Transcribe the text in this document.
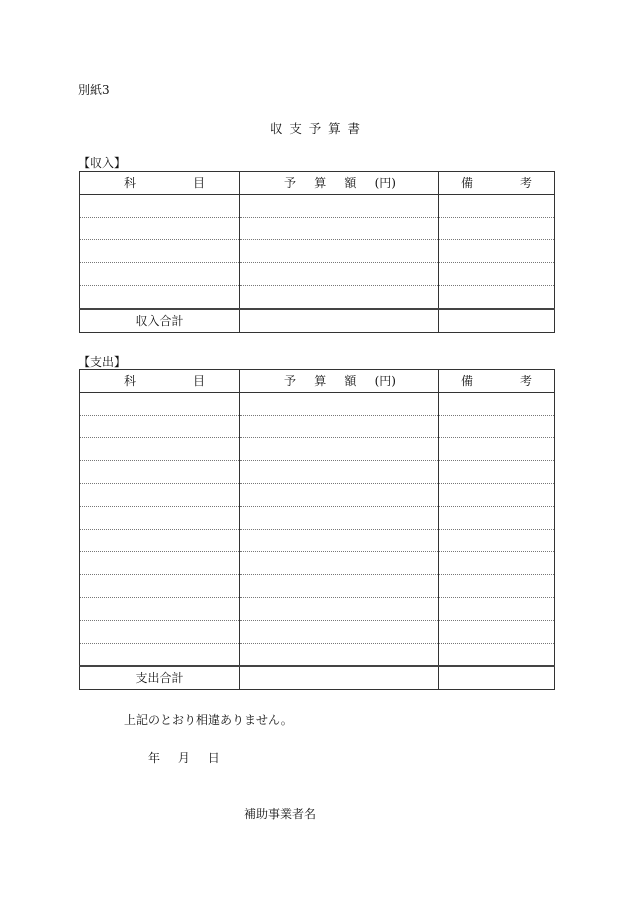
別紙3
収支予算書
【収入】
科 目	予 算 額 (円)	備 考

収入合計		
【支出】
科 目	予 算 額 (円)	備 考

支出合計		
上記のとおり相違ありません。
年 月 日
補助事業者名
